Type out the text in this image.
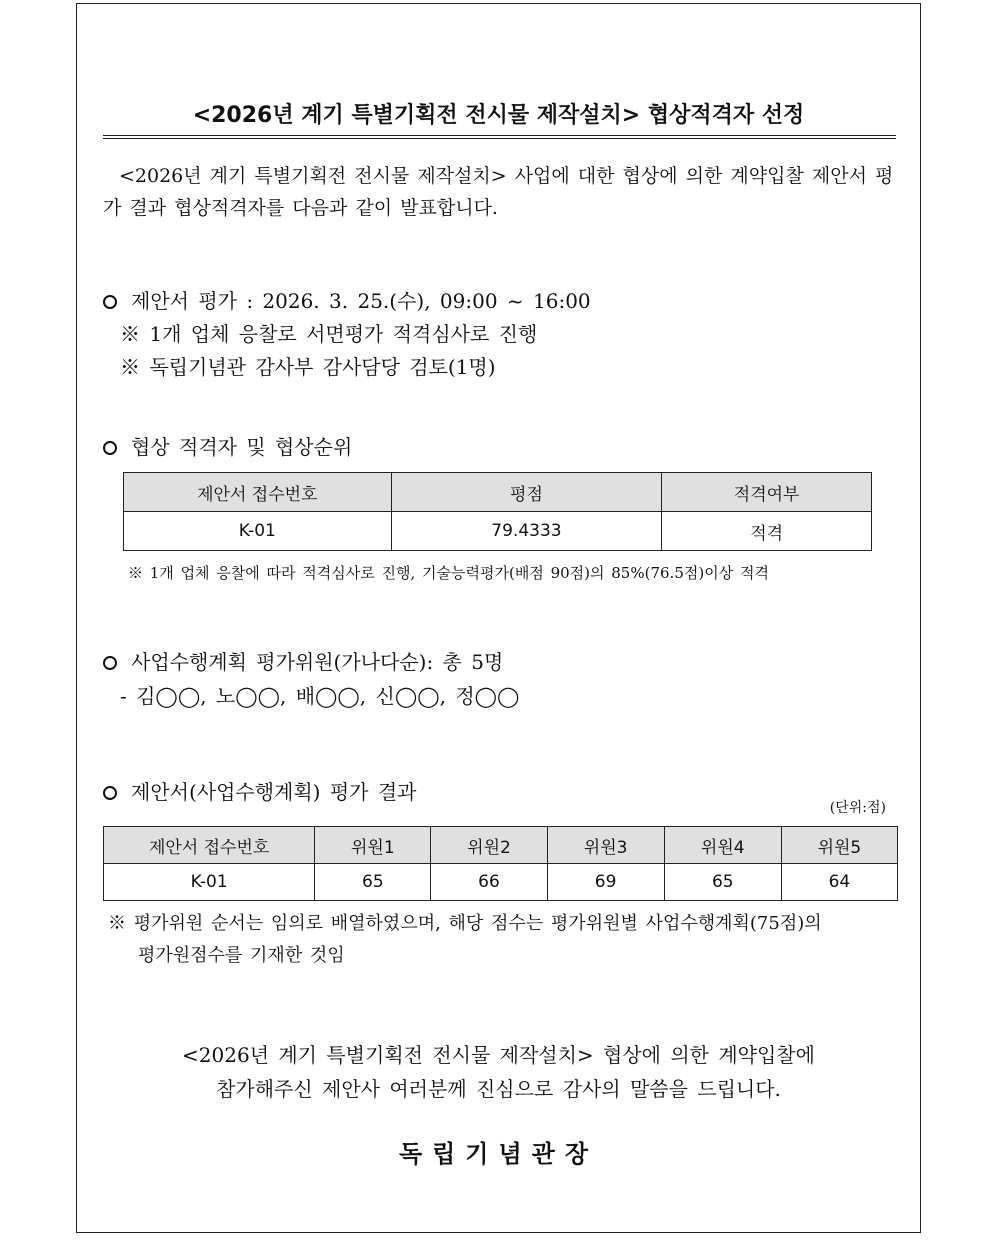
<2026년 계기 특별기획전 전시물 제작설치> 협상적격자 선정
<2026년 계기 특별기획전 전시물 제작설치> 사업에 대한 협상에 의한 계약입찰 제안서 평가 결과 협상적격자를 다음과 같이 발표합니다.
제안서 평가 : 2026. 3. 25.(수), 09:00 ~ 16:00
※ 1개 업체 응찰로 서면평가 적격심사로 진행
※ 독립기념관 감사부 감사담당 검토(1명)
협상 적격자 및 협상순위
제안서 접수번호	평점	적격여부
K-01	79.4333	적격
※ 1개 업체 응찰에 따라 적격심사로 진행, 기술능력평가(배점 90점)의 85%(76.5점)이상 적격
사업수행계획 평가위원(가나다순): 총 5명
- 김◯◯, 노◯◯, 배◯◯, 신◯◯, 정◯◯
제안서(사업수행계획) 평가 결과
(단위:점)
제안서 접수번호	위원1	위원2	위원3	위원4	위원5
K-01	65	66	69	65	64
※ 평가위원 순서는 임의로 배열하였으며, 해당 점수는 평가위원별 사업수행계획(75점)의
평가원점수를 기재한 것임
<2026년 계기 특별기획전 전시물 제작설치> 협상에 의한 계약입찰에
참가해주신 제안사 여러분께 진심으로 감사의 말씀을 드립니다.
독립기념관장
